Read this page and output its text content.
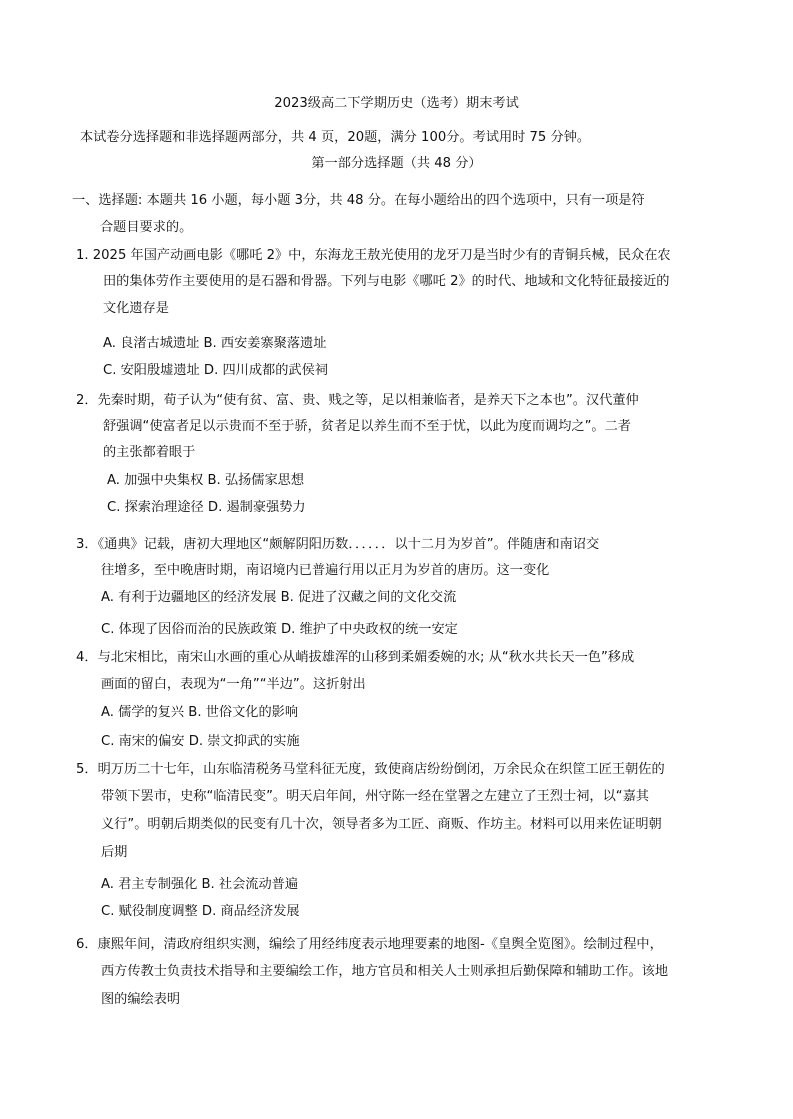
2023级高二下学期历史（选考）期末考试
本试卷分选择题和非选择题两部分，共 4 页，20题，满分 100分。考试用时 75 分钟。
第一部分选择题（共 48 分）
一、选择题: 本题共 16 小题，每小题 3分，共 48 分。在每小题给出的四个选项中，只有一项是符
合题目要求的。
1. 2025 年国产动画电影《哪吒 2》中，东海龙王敖光使用的龙牙刀是当时少有的青铜兵械，民众在农
田的集体劳作主要使用的是石器和骨器。下列与电影《哪吒 2》的时代、地域和文化特征最接近的
文化遗存是
A. 良渚古城遗址 B. 西安姜寨聚落遗址
C. 安阳殷墟遗址 D. 四川成都的武侯祠
2．先秦时期，荀子认为“使有贫、富、贵、贱之等，足以相兼临者，是养天下之本也”。汉代董仲
舒强调“使富者足以示贵而不至于骄，贫者足以养生而不至于忧，以此为度而调均之”。二者
的主张都着眼于
A. 加强中央集权 B. 弘扬儒家思想
C. 探索治理途径 D. 遏制豪强势力
3．《通典》记载，唐初大理地区“颇解阴阳历数．．．．．．以十二月为岁首”。伴随唐和南诏交
往增多，至中晚唐时期，南诏境内已普遍行用以正月为岁首的唐历。这一变化
A. 有利于边疆地区的经济发展 B. 促进了汉藏之间的文化交流
C. 体现了因俗而治的民族政策 D. 维护了中央政权的统一安定
4．与北宋相比，南宋山水画的重心从峭拔雄浑的山移到柔媚委婉的水; 从“秋水共长天一色”移成
画面的留白，表现为“一角”“半边”。这折射出
A. 儒学的复兴 B. 世俗文化的影响
C. 南宋的偏安 D. 崇文抑武的实施
5．明万历二十七年，山东临清税务马堂科征无度，致使商店纷纷倒闭，万余民众在织筐工匠王朝佐的
带领下罢市，史称“临清民变”。明天启年间，州守陈一经在堂署之左建立了王烈士祠，以“嘉其
义行”。明朝后期类似的民变有几十次，领导者多为工匠、商贩、作坊主。材料可以用来佐证明朝
后期
A. 君主专制强化 B. 社会流动普遍
C. 赋役制度调整 D. 商品经济发展
6．康熙年间，清政府组织实测，编绘了用经纬度表示地理要素的地图-《皇舆全览图》。绘制过程中，
西方传教士负责技术指导和主要编绘工作，地方官员和相关人士则承担后勤保障和辅助工作。该地
图的编绘表明
